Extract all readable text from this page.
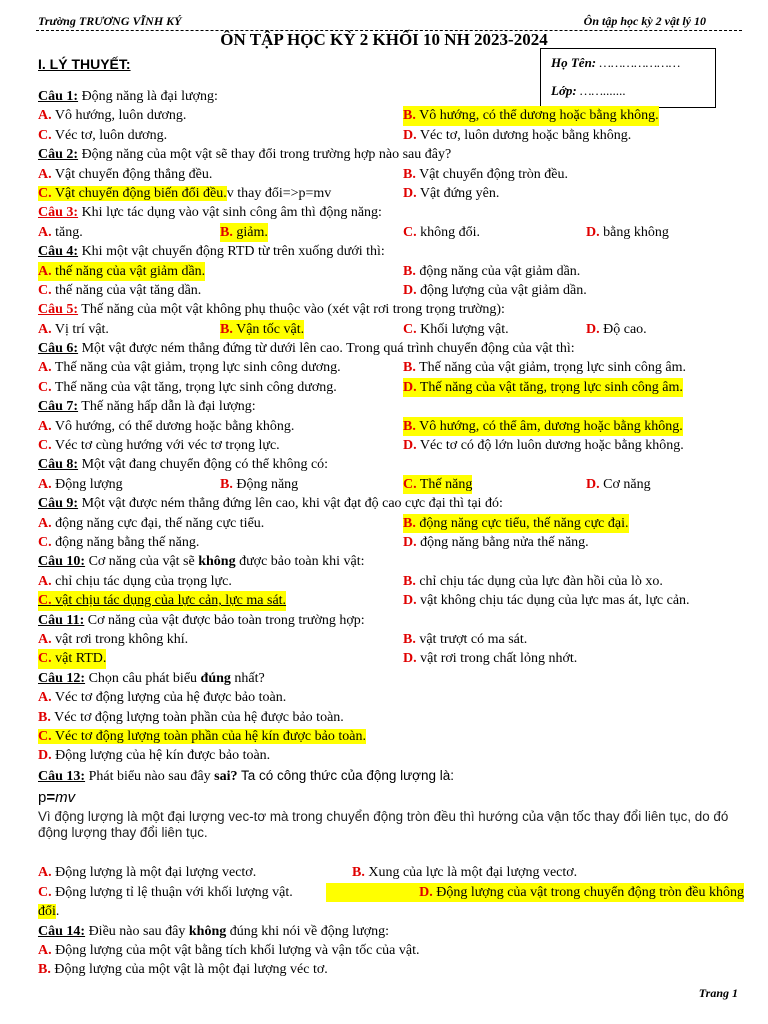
Trường TRƯƠNG VĨNH KÝ	Ôn tập học kỳ 2 vật lý 10
ÔN TẬP HỌC KỲ 2 KHỐI 10 NH 2023-2024
I. LÝ THUYẾT:	Họ Tên: …………………
Lớp: …….......
Câu 1: Động năng là đại lượng:
A. Vô hướng, luôn dương.	B. Vô hướng, có thể dương hoặc bằng không.
C. Véc tơ, luôn dương.	D. Véc tơ, luôn dương hoặc bằng không.
Câu 2: Động năng của một vật sẽ thay đổi trong trường hợp nào sau đây?
A. Vật chuyển động thẳng đều.	B. Vật chuyển động tròn đều.
C. Vật chuyển động biến đổi đều.v thay đổi=>p=mv	D. Vật đứng yên.
Câu 3: Khi lực tác dụng vào vật sinh công âm thì động năng:
A. tăng.	B. giảm.	C. không đổi.	D. bằng không
Câu 4: Khi một vật chuyển động RTD từ trên xuống dưới thì:
A. thế năng của vật giảm dần.	B. động năng của vật giảm dần.
C. thế năng của vật tăng dần.	D. động lượng của vật giảm dần.
Câu 5: Thế năng của một vật không phụ thuộc vào (xét vật rơi trong trọng trường):
A. Vị trí vật.	B. Vận tốc vật.	C. Khối lượng vật.	D. Độ cao.
Câu 6: Một vật được ném thẳng đứng từ dưới lên cao. Trong quá trình chuyển động của vật thì:
A. Thế năng của vật giảm, trọng lực sinh công dương.	B. Thế năng của vật giảm, trọng lực sinh công âm.
C. Thế năng của vật tăng, trọng lực sinh công dương.	D. Thế năng của vật tăng, trọng lực sinh công âm.
Câu 7: Thế năng hấp dẫn là đại lượng:
A. Vô hướng, có thể dương hoặc bằng không.	B. Vô hướng, có thể âm, dương hoặc bằng không.
C. Véc tơ cùng hướng với véc tơ trọng lực.	D. Véc tơ có độ lớn luôn dương hoặc bằng không.
Câu 8: Một vật đang chuyển động có thể không có:
A. Động lượng	B. Động năng	C. Thế năng	D. Cơ năng
Câu 9: Một vật được ném thẳng đứng lên cao, khi vật đạt độ cao cực đại thì tại đó:
A. động năng cực đại, thế năng cực tiểu.	B. động năng cực tiểu, thế năng cực đại.
C. động năng bằng thế năng.	D. động năng bằng nửa thế năng.
Câu 10: Cơ năng của vật sẽ không được bảo toàn khi vật:
A. chỉ chịu tác dụng của trọng lực.	B. chỉ chịu tác dụng của lực đàn hồi của lò xo.
C. vật chịu tác dụng của lực cản, lực ma sát.	D. vật không chịu tác dụng của lực mas át, lực cản.
Câu 11: Cơ năng của vật được bảo toàn trong trường hợp:
A. vật rơi trong không khí.	B. vật trượt có ma sát.
C. vật RTD.	D. vật rơi trong chất lỏng nhớt.
Câu 12: Chọn câu phát biểu đúng nhất?
A. Véc tơ động lượng của hệ được bảo toàn.
B. Véc tơ động lượng toàn phần của hệ được bảo toàn.
C. Véc tơ động lượng toàn phần của hệ kín được bảo toàn.
D. Động lượng của hệ kín được bảo toàn.
Câu 13: Phát biểu nào sau đây sai? Ta có công thức của động lượng là:
p=mv
Vì động lượng là một đại lượng vec-tơ mà trong chuyển động tròn đều thì hướng của vận tốc thay đổi liên tục, do đó động lượng thay đổi liên tục.
A. Động lượng là một đại lượng vectơ.	B. Xung của lực là một đại lượng vectơ.
C. Động lượng tỉ lệ thuận với khối lượng vật.	D. Động lượng của vật trong chuyển động tròn đều không
đổi.
Câu 14: Điều nào sau đây không đúng khi nói về động lượng:
A. Động lượng của một vật bằng tích khối lượng và vận tốc của vật.
B. Động lượng của một vật là một đại lượng véc tơ.
Trang 1
